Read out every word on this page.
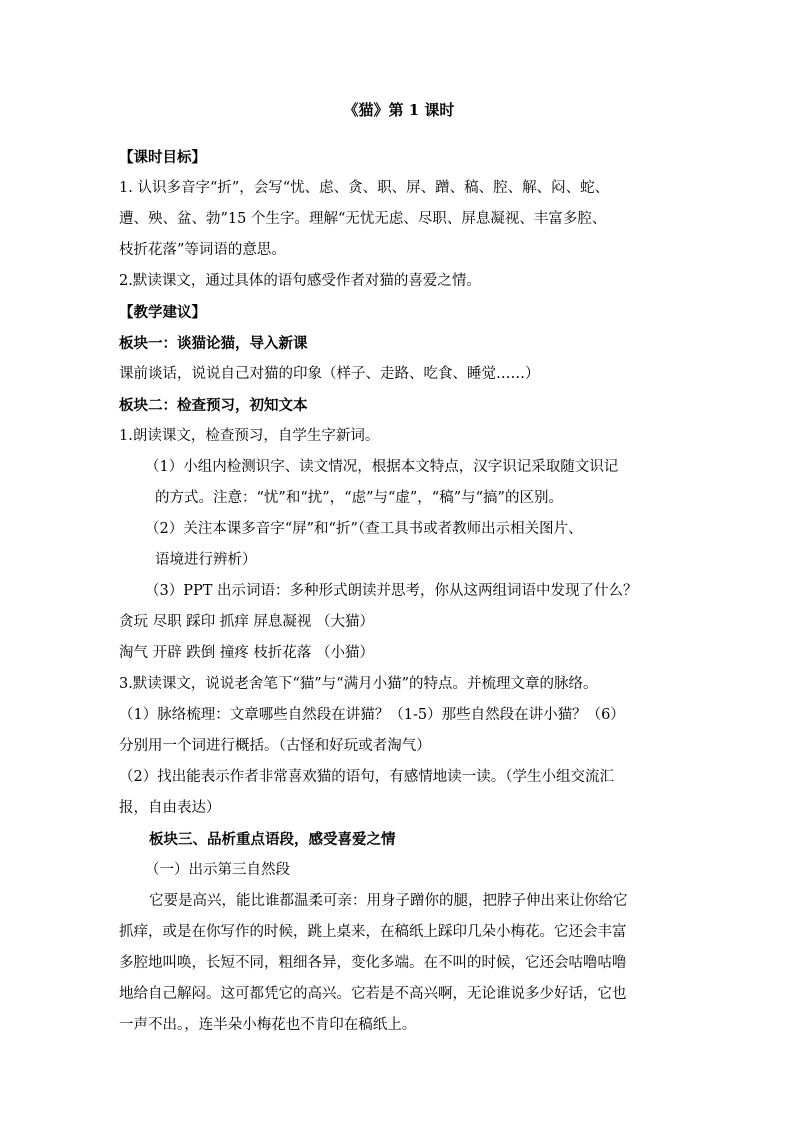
《猫》第 1 课时
【课时目标】
1. 认识多音字“折”，会写“忧、虑、贪、职、屏、蹭、稿、腔、解、闷、蛇、
遭、殃、盆、勃”15 个生字。理解“无忧无虑、尽职、屏息凝视、丰富多腔、
枝折花落”等词语的意思。
2.默读课文，通过具体的语句感受作者对猫的喜爱之情。
【教学建议】
板块一：谈猫论猫，导入新课
课前谈话，说说自己对猫的印象（样子、走路、吃食、睡觉……）
板块二：检查预习，初知文本
1.朗读课文，检查预习，自学生字新词。
（1）小组内检测识字、读文情况，根据本文特点，汉字识记采取随文识记
的方式。注意：“忧”和“扰”，“虑”与“虚”，“稿”与“搞”的区别。
（2）关注本课多音字“屏”和“折”（查工具书或者教师出示相关图片、
语境进行辨析）
（3）PPT 出示词语：多种形式朗读并思考，你从这两组词语中发现了什么？
贪玩 尽职 踩印 抓痒 屏息凝视 （大猫）
淘气 开辟 跌倒 撞疼 枝折花落 （小猫）
3.默读课文，说说老舍笔下“猫”与“满月小猫”的特点。并梳理文章的脉络。
（1）脉络梳理：文章哪些自然段在讲猫？（1-5）那些自然段在讲小猫？（6）
分别用一个词进行概括。（古怪和好玩或者淘气）
（2）找出能表示作者非常喜欢猫的语句，有感情地读一读。（学生小组交流汇
报，自由表达）
板块三、品析重点语段，感受喜爱之情
（一）出示第三自然段
它要是高兴，能比谁都温柔可亲：用身子蹭你的腿，把脖子伸出来让你给它
抓痒，或是在你写作的时候，跳上桌来，在稿纸上踩印几朵小梅花。它还会丰富
多腔地叫唤，长短不同，粗细各异，变化多端。在不叫的时候，它还会咕噜咕噜
地给自己解闷。这可都凭它的高兴。它若是不高兴啊，无论谁说多少好话，它也
一声不出。，连半朵小梅花也不肯印在稿纸上。
